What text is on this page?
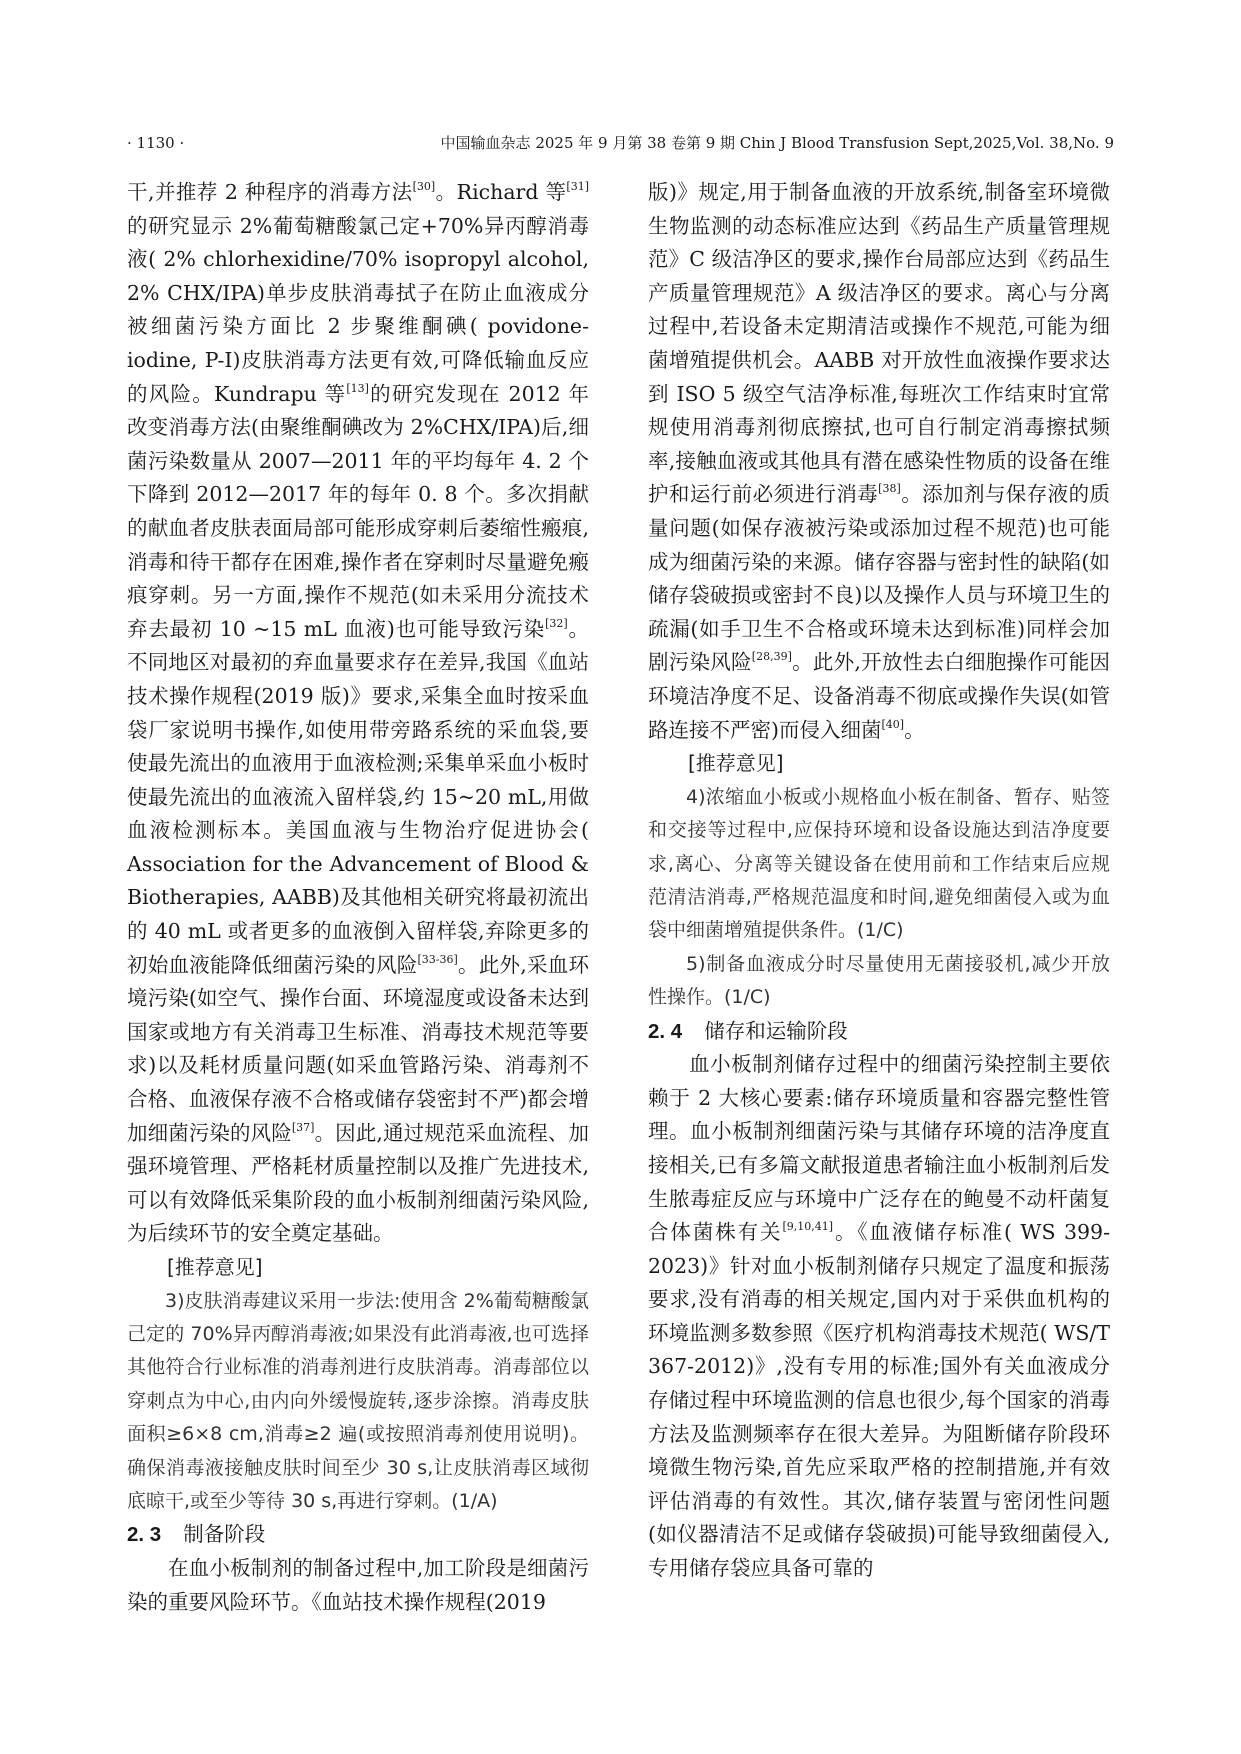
· 1130 ·	中国输血杂志 2025 年 9 月第 38 卷第 9 期 Chin J Blood Transfusion Sept,2025,Vol. 38,No. 9

干,并推荐 2 种程序的消毒方法[30]。Richard 等[31]的研究显示 2%葡萄糖酸氯己定+70%异丙醇消毒液( 2% chlorhexidine/70% isopropyl alcohol, 2% CHX/IPA)单步皮肤消毒拭子在防止血液成分被细菌污染方面比 2 步聚维酮碘( povidone-iodine, P-I)皮肤消毒方法更有效,可降低输血反应的风险。Kundrapu 等[13]的研究发现在 2012 年改变消毒方法(由聚维酮碘改为 2%CHX/IPA)后,细菌污染数量从 2007—2011 年的平均每年 4. 2 个下降到 2012—2017 年的每年 0. 8 个。多次捐献的献血者皮肤表面局部可能形成穿刺后萎缩性瘢痕,消毒和待干都存在困难,操作者在穿刺时尽量避免瘢痕穿刺。另一方面,操作不规范(如未采用分流技术弃去最初 10 ~15 mL 血液)也可能导致污染[32]。不同地区对最初的弃血量要求存在差异,我国《血站技术操作规程(2019 版)》要求,采集全血时按采血袋厂家说明书操作,如使用带旁路系统的采血袋,要使最先流出的血液用于血液检测;采集单采血小板时使最先流出的血液流入留样袋,约 15~20 mL,用做血液检测标本。美国血液与生物治疗促进协会( Association for the Advancement of Blood & Biotherapies, AABB)及其他相关研究将最初流出的 40 mL 或者更多的血液倒入留样袋,弃除更多的初始血液能降低细菌污染的风险[33-36]。此外,采血环境污染(如空气、操作台面、环境湿度或设备未达到国家或地方有关消毒卫生标准、消毒技术规范等要求)以及耗材质量问题(如采血管路污染、消毒剂不合格、血液保存液不合格或储存袋密封不严)都会增加细菌污染的风险[37]。因此,通过规范采血流程、加强环境管理、严格耗材质量控制以及推广先进技术,可以有效降低采集阶段的血小板制剂细菌污染风险,为后续环节的安全奠定基础。

[推荐意见]

3)皮肤消毒建议采用一步法:使用含 2%葡萄糖酸氯己定的 70%异丙醇消毒液;如果没有此消毒液,也可选择其他符合行业标准的消毒剂进行皮肤消毒。消毒部位以穿刺点为中心,由内向外缓慢旋转,逐步涂擦。消毒皮肤面积≥6×8 cm,消毒≥2 遍(或按照消毒剂使用说明)。确保消毒液接触皮肤时间至少 30 s,让皮肤消毒区域彻底晾干,或至少等待 30 s,再进行穿刺。(1/A)

2. 3 制备阶段

在血小板制剂的制备过程中,加工阶段是细菌污染的重要风险环节。《血站技术操作规程(2019

版)》规定,用于制备血液的开放系统,制备室环境微生物监测的动态标准应达到《药品生产质量管理规范》C 级洁净区的要求,操作台局部应达到《药品生产质量管理规范》A 级洁净区的要求。离心与分离过程中,若设备未定期清洁或操作不规范,可能为细菌增殖提供机会。AABB 对开放性血液操作要求达到 ISO 5 级空气洁净标准,每班次工作结束时宜常规使用消毒剂彻底擦拭,也可自行制定消毒擦拭频率,接触血液或其他具有潜在感染性物质的设备在维护和运行前必须进行消毒[38]。添加剂与保存液的质量问题(如保存液被污染或添加过程不规范)也可能成为细菌污染的来源。储存容器与密封性的缺陷(如储存袋破损或密封不良)以及操作人员与环境卫生的疏漏(如手卫生不合格或环境未达到标准)同样会加剧污染风险[28,39]。此外,开放性去白细胞操作可能因环境洁净度不足、设备消毒不彻底或操作失误(如管路连接不严密)而侵入细菌[40]。

[推荐意见]

4)浓缩血小板或小规格血小板在制备、暂存、贴签和交接等过程中,应保持环境和设备设施达到洁净度要求,离心、分离等关键设备在使用前和工作结束后应规范清洁消毒,严格规范温度和时间,避免细菌侵入或为血袋中细菌增殖提供条件。(1/C)

5)制备血液成分时尽量使用无菌接驳机,减少开放性操作。(1/C)

2. 4 储存和运输阶段

血小板制剂储存过程中的细菌污染控制主要依赖于 2 大核心要素:储存环境质量和容器完整性管理。血小板制剂细菌污染与其储存环境的洁净度直接相关,已有多篇文献报道患者输注血小板制剂后发生脓毒症反应与环境中广泛存在的鲍曼不动杆菌复合体菌株有关[9,10,41]。《血液储存标准( WS 399-2023)》针对血小板制剂储存只规定了温度和振荡要求,没有消毒的相关规定,国内对于采供血机构的环境监测多数参照《医疗机构消毒技术规范( WS/T 367-2012)》,没有专用的标准;国外有关血液成分存储过程中环境监测的信息也很少,每个国家的消毒方法及监测频率存在很大差异。为阻断储存阶段环境微生物污染,首先应采取严格的控制措施,并有效评估消毒的有效性。其次,储存装置与密闭性问题(如仪器清洁不足或储存袋破损)可能导致细菌侵入,专用储存袋应具备可靠的
